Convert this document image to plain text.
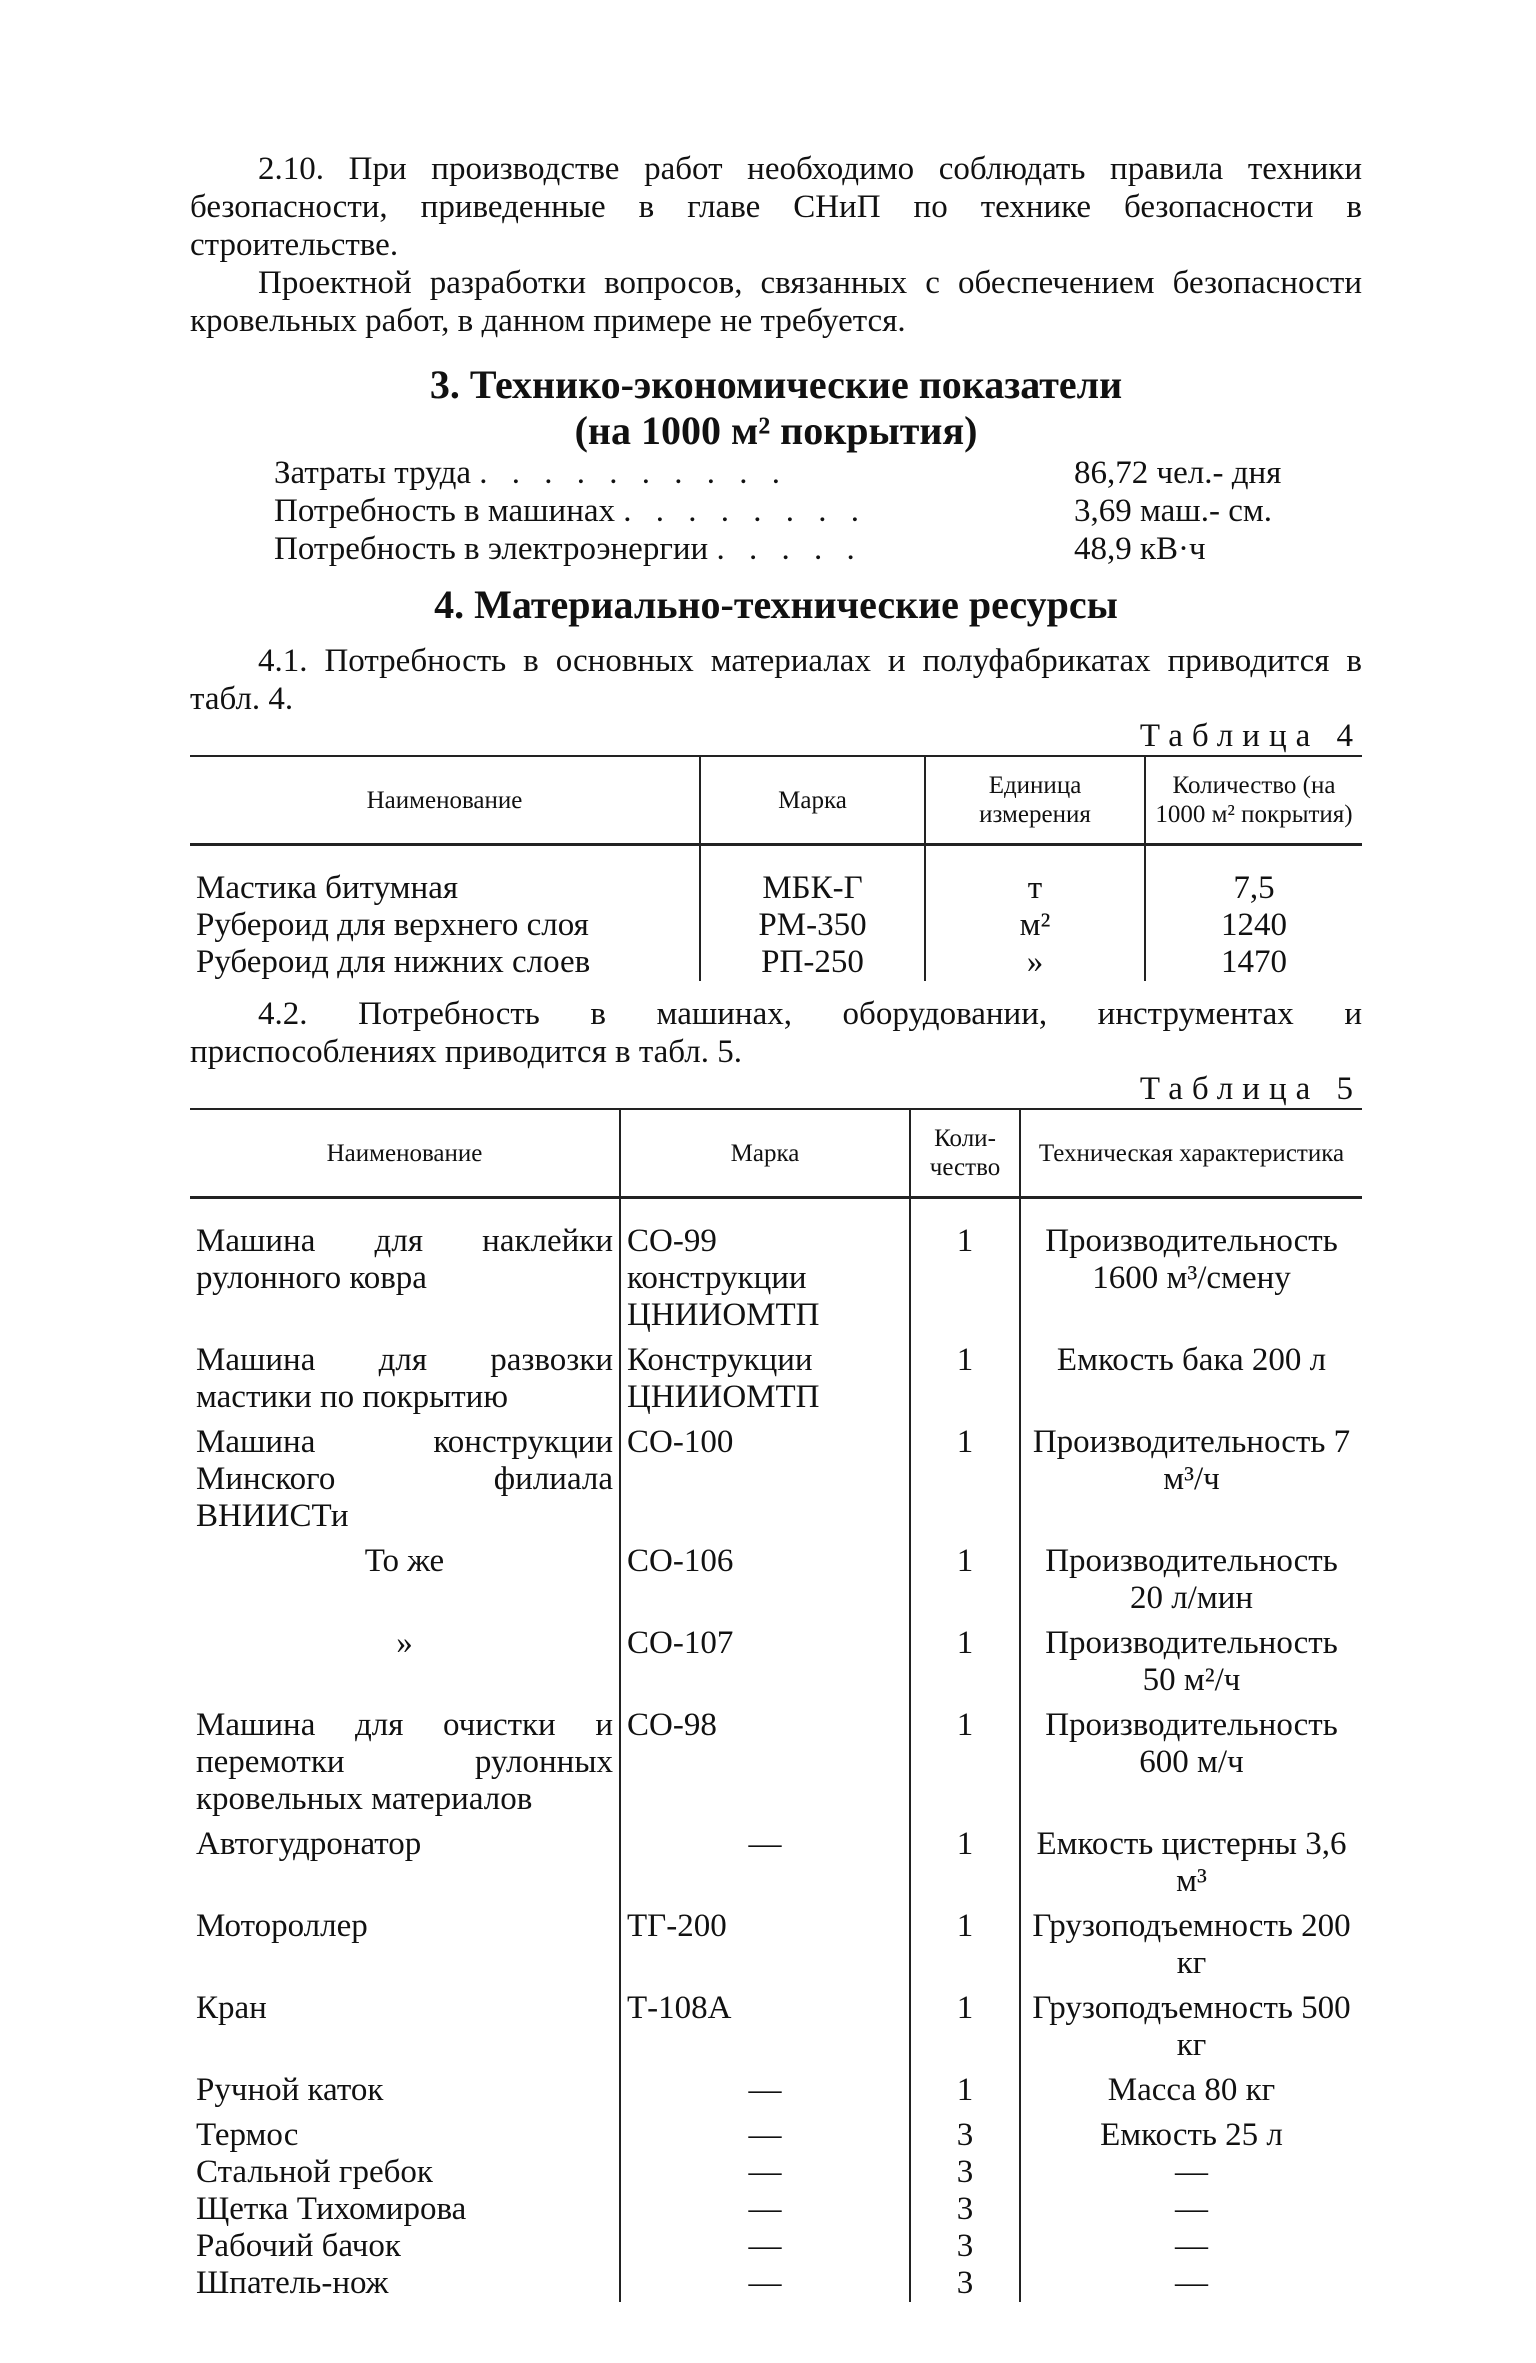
2.10. При производстве работ необходимо соблюдать правила техники безопасности, приведенные в главе СНиП по технике безопасности в строительстве.

Проектной разработки вопросов, связанных с обеспечением безопасности кровельных работ, в данном примере не требуется.

3. Технико-экономические показатели
(на 1000 м² покрытия)
Затраты труда . . . . . . . . . .	86,72 чел.- дня
Потребность в машинах . . . . . . . .	3,69 маш.- см.
Потребность в электроэнергии . . . . .	48,9 кВ·ч
4. Материально-технические ресурсы

4.1. Потребность в основных материалах и полуфабрикатах приводится в табл. 4.

Таблица 4
Наименование	Марка	Единица измерения	Количество (на 1000 м² покрытия)
Мастика битумная	МБК-Г	т	7,5
Рубероид для верхнего слоя	РМ-350	м²	1240
Рубероид для нижних слоев	РП-250	»	1470

4.2. Потребность в машинах, оборудовании, инструментах и приспособлениях приводится в табл. 5.

Таблица 5
Наименование	Марка	Коли-чество	Техническая характеристика
Машина для наклейки рулонного ковра	СО-99 конструкции ЦНИИОМТП	1	Производительность 1600 м³/смену
Машина для развозки мастики по покрытию	Конструкции ЦНИИОМТП	1	Емкость бака 200 л
Машина конструкции Минского филиала ВНИИСТи	СО-100	1	Производительность 7 м³/ч
То же	СО-106	1	Производительность 20 л/мин
»	СО-107	1	Производительность 50 м²/ч
Машина для очистки и перемотки рулонных кровельных материалов	СО-98	1	Производительность 600 м/ч
Автогудронатор	—	1	Емкость цистерны 3,6 м³
Мотороллер	ТГ-200	1	Грузоподъемность 200 кг
Кран	Т-108А	1	Грузоподъемность 500 кг
Ручной каток	—	1	Масса 80 кг
Термос	—	3	Емкость 25 л
Стальной гребок	—	3	—
Щетка Тихомирова	—	3	—
Рабочий бачок	—	3	—
Шпатель-нож	—	3	—
